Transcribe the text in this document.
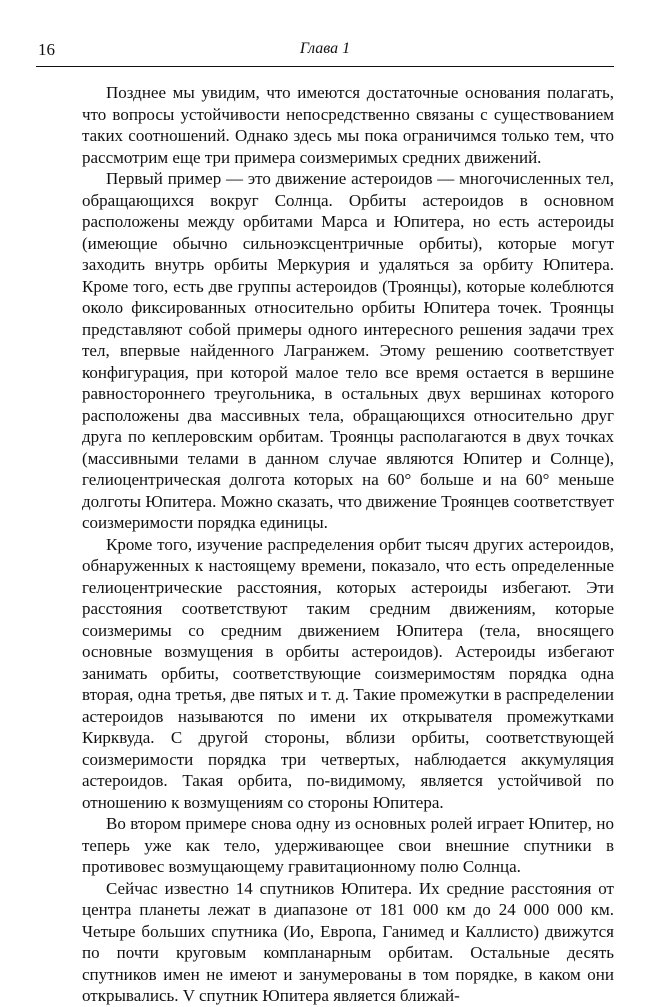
16	Глава 1

Позднее мы увидим, что имеются достаточные основания полагать, что вопросы устойчивости непосредственно связаны с существованием таких соотношений. Однако здесь мы пока ограничимся только тем, что рассмотрим еще три примера соизмеримых средних движений.

Первый пример — это движение астероидов — многочисленных тел, обращающихся вокруг Солнца. Орбиты астероидов в основном расположены между орбитами Марса и Юпитера, но есть астероиды (имеющие обычно сильноэксцентричные орбиты), которые могут заходить внутрь орбиты Меркурия и удаляться за орбиту Юпитера. Кроме того, есть две группы астероидов (Троянцы), которые колеблются около фиксированных относительно орбиты Юпитера точек. Троянцы представляют собой примеры одного интересного решения задачи трех тел, впервые найденного Лагранжем. Этому решению соответствует конфигурация, при которой малое тело все время остается в вершине равностороннего треугольника, в остальных двух вершинах которого расположены два массивных тела, обращающихся относительно друг друга по кеплеровским орбитам. Троянцы располагаются в двух точках (массивными телами в данном случае являются Юпитер и Солнце), гелиоцентрическая долгота которых на 60° больше и на 60° меньше долготы Юпитера. Можно сказать, что движение Троянцев соответствует соизмеримости порядка единицы.

Кроме того, изучение распределения орбит тысяч других астероидов, обнаруженных к настоящему времени, показало, что есть определенные гелиоцентрические расстояния, которых астероиды избегают. Эти расстояния соответствуют таким средним движениям, которые соизмеримы со средним движением Юпитера (тела, вносящего основные возмущения в орбиты астероидов). Астероиды избегают занимать орбиты, соответствующие соизмеримостям порядка одна вторая, одна третья, две пятых и т. д. Такие промежутки в распределении астероидов называются по имени их открывателя промежутками Кирквуда. С другой стороны, вблизи орбиты, соответствующей соизмеримости порядка три четвертых, наблюдается аккумуляция астероидов. Такая орбита, по-видимому, является устойчивой по отношению к возмущениям со стороны Юпитера.

Во втором примере снова одну из основных ролей играет Юпитер, но теперь уже как тело, удерживающее свои внешние спутники в противовес возмущающему гравитационному полю Солнца.

Сейчас известно 14 спутников Юпитера. Их средние расстояния от центра планеты лежат в диапазоне от 181 000 км до 24 000 000 км. Четыре больших спутника (Ио, Европа, Ганимед и Каллисто) движутся по почти круговым компланарным орбитам. Остальные десять спутников имен не имеют и занумерованы в том порядке, в каком они открывались. V спутник Юпитера является ближай-
